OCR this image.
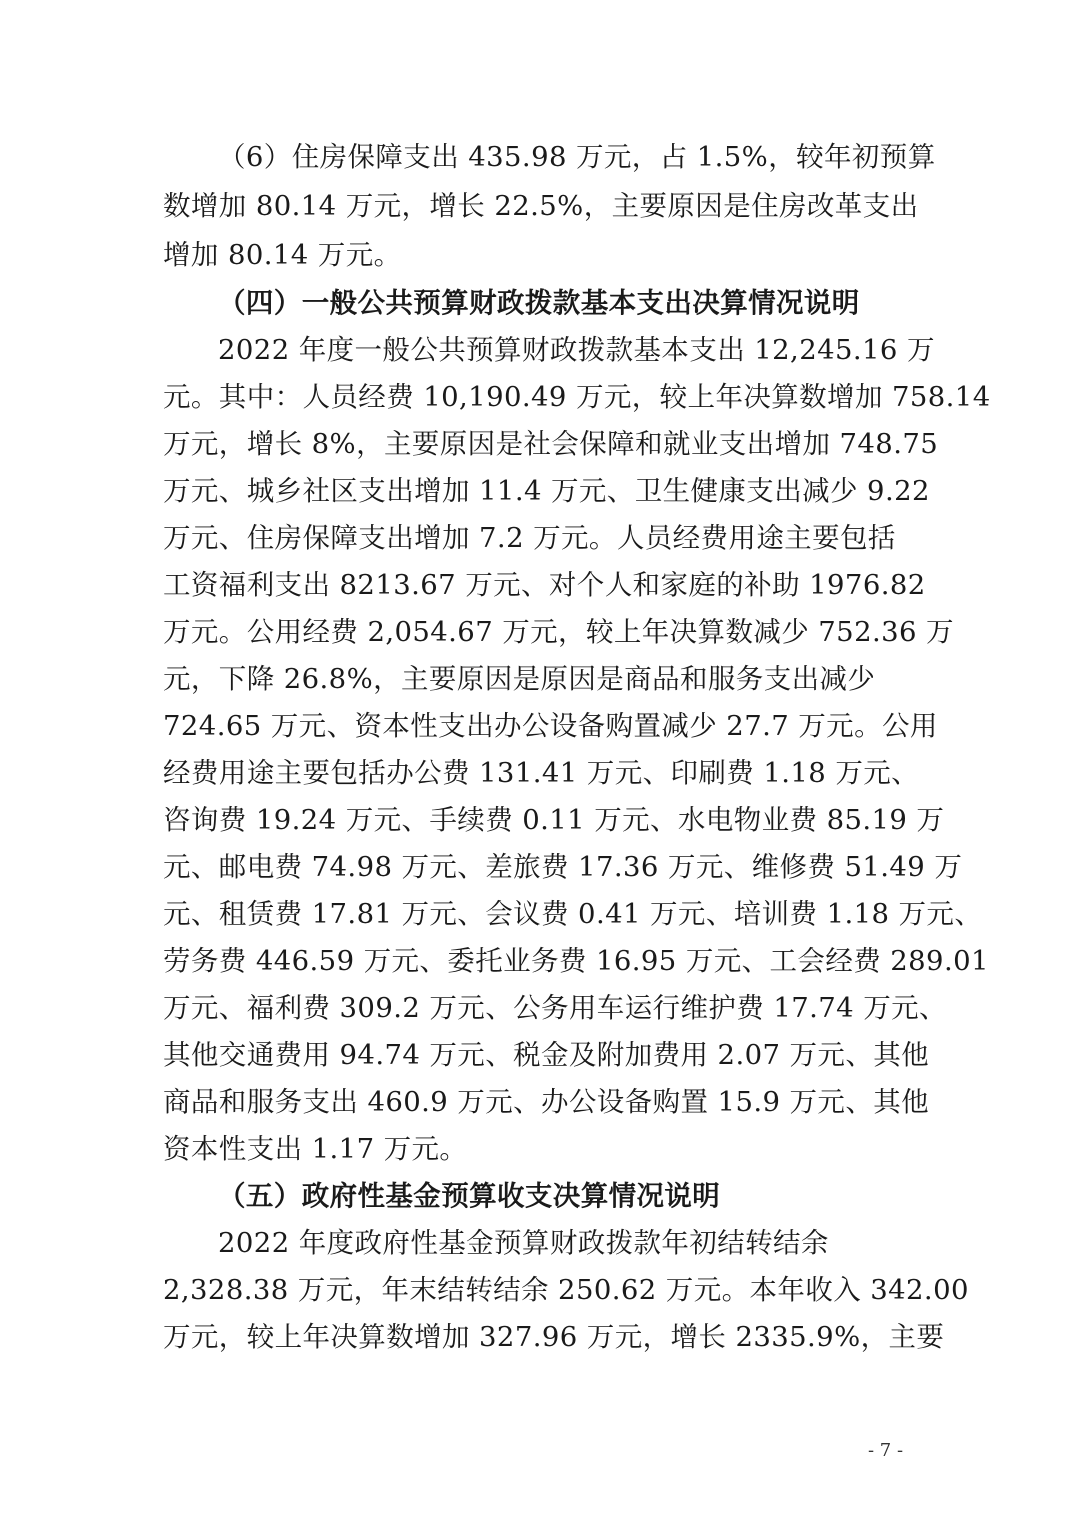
（6）住房保障支出 435.98 万元，占 1.5%，较年初预算
数增加 80.14 万元，增长 22.5%，主要原因是住房改革支出
增加 80.14 万元。
（四）一般公共预算财政拨款基本支出决算情况说明
2022 年度一般公共预算财政拨款基本支出 12,245.16 万
元。其中：人员经费 10,190.49 万元，较上年决算数增加 758.14
万元，增长 8%，主要原因是社会保障和就业支出增加 748.75
万元、城乡社区支出增加 11.4 万元、卫生健康支出减少 9.22
万元、住房保障支出增加 7.2 万元。人员经费用途主要包括
工资福利支出 8213.67 万元、对个人和家庭的补助 1976.82
万元。公用经费 2,054.67 万元，较上年决算数减少 752.36 万
元，下降 26.8%，主要原因是原因是商品和服务支出减少
724.65 万元、资本性支出办公设备购置减少 27.7 万元。公用
经费用途主要包括办公费 131.41 万元、印刷费 1.18 万元、
咨询费 19.24 万元、手续费 0.11 万元、水电物业费 85.19 万
元、邮电费 74.98 万元、差旅费 17.36 万元、维修费 51.49 万
元、租赁费 17.81 万元、会议费 0.41 万元、培训费 1.18 万元、
劳务费 446.59 万元、委托业务费 16.95 万元、工会经费 289.01
万元、福利费 309.2 万元、公务用车运行维护费 17.74 万元、
其他交通费用 94.74 万元、税金及附加费用 2.07 万元、其他
商品和服务支出 460.9 万元、办公设备购置 15.9 万元、其他
资本性支出 1.17 万元。
（五）政府性基金预算收支决算情况说明
2022 年度政府性基金预算财政拨款年初结转结余
2,328.38 万元，年末结转结余 250.62 万元。本年收入 342.00
万元，较上年决算数增加 327.96 万元，增长 2335.9%，主要
- 7 -
